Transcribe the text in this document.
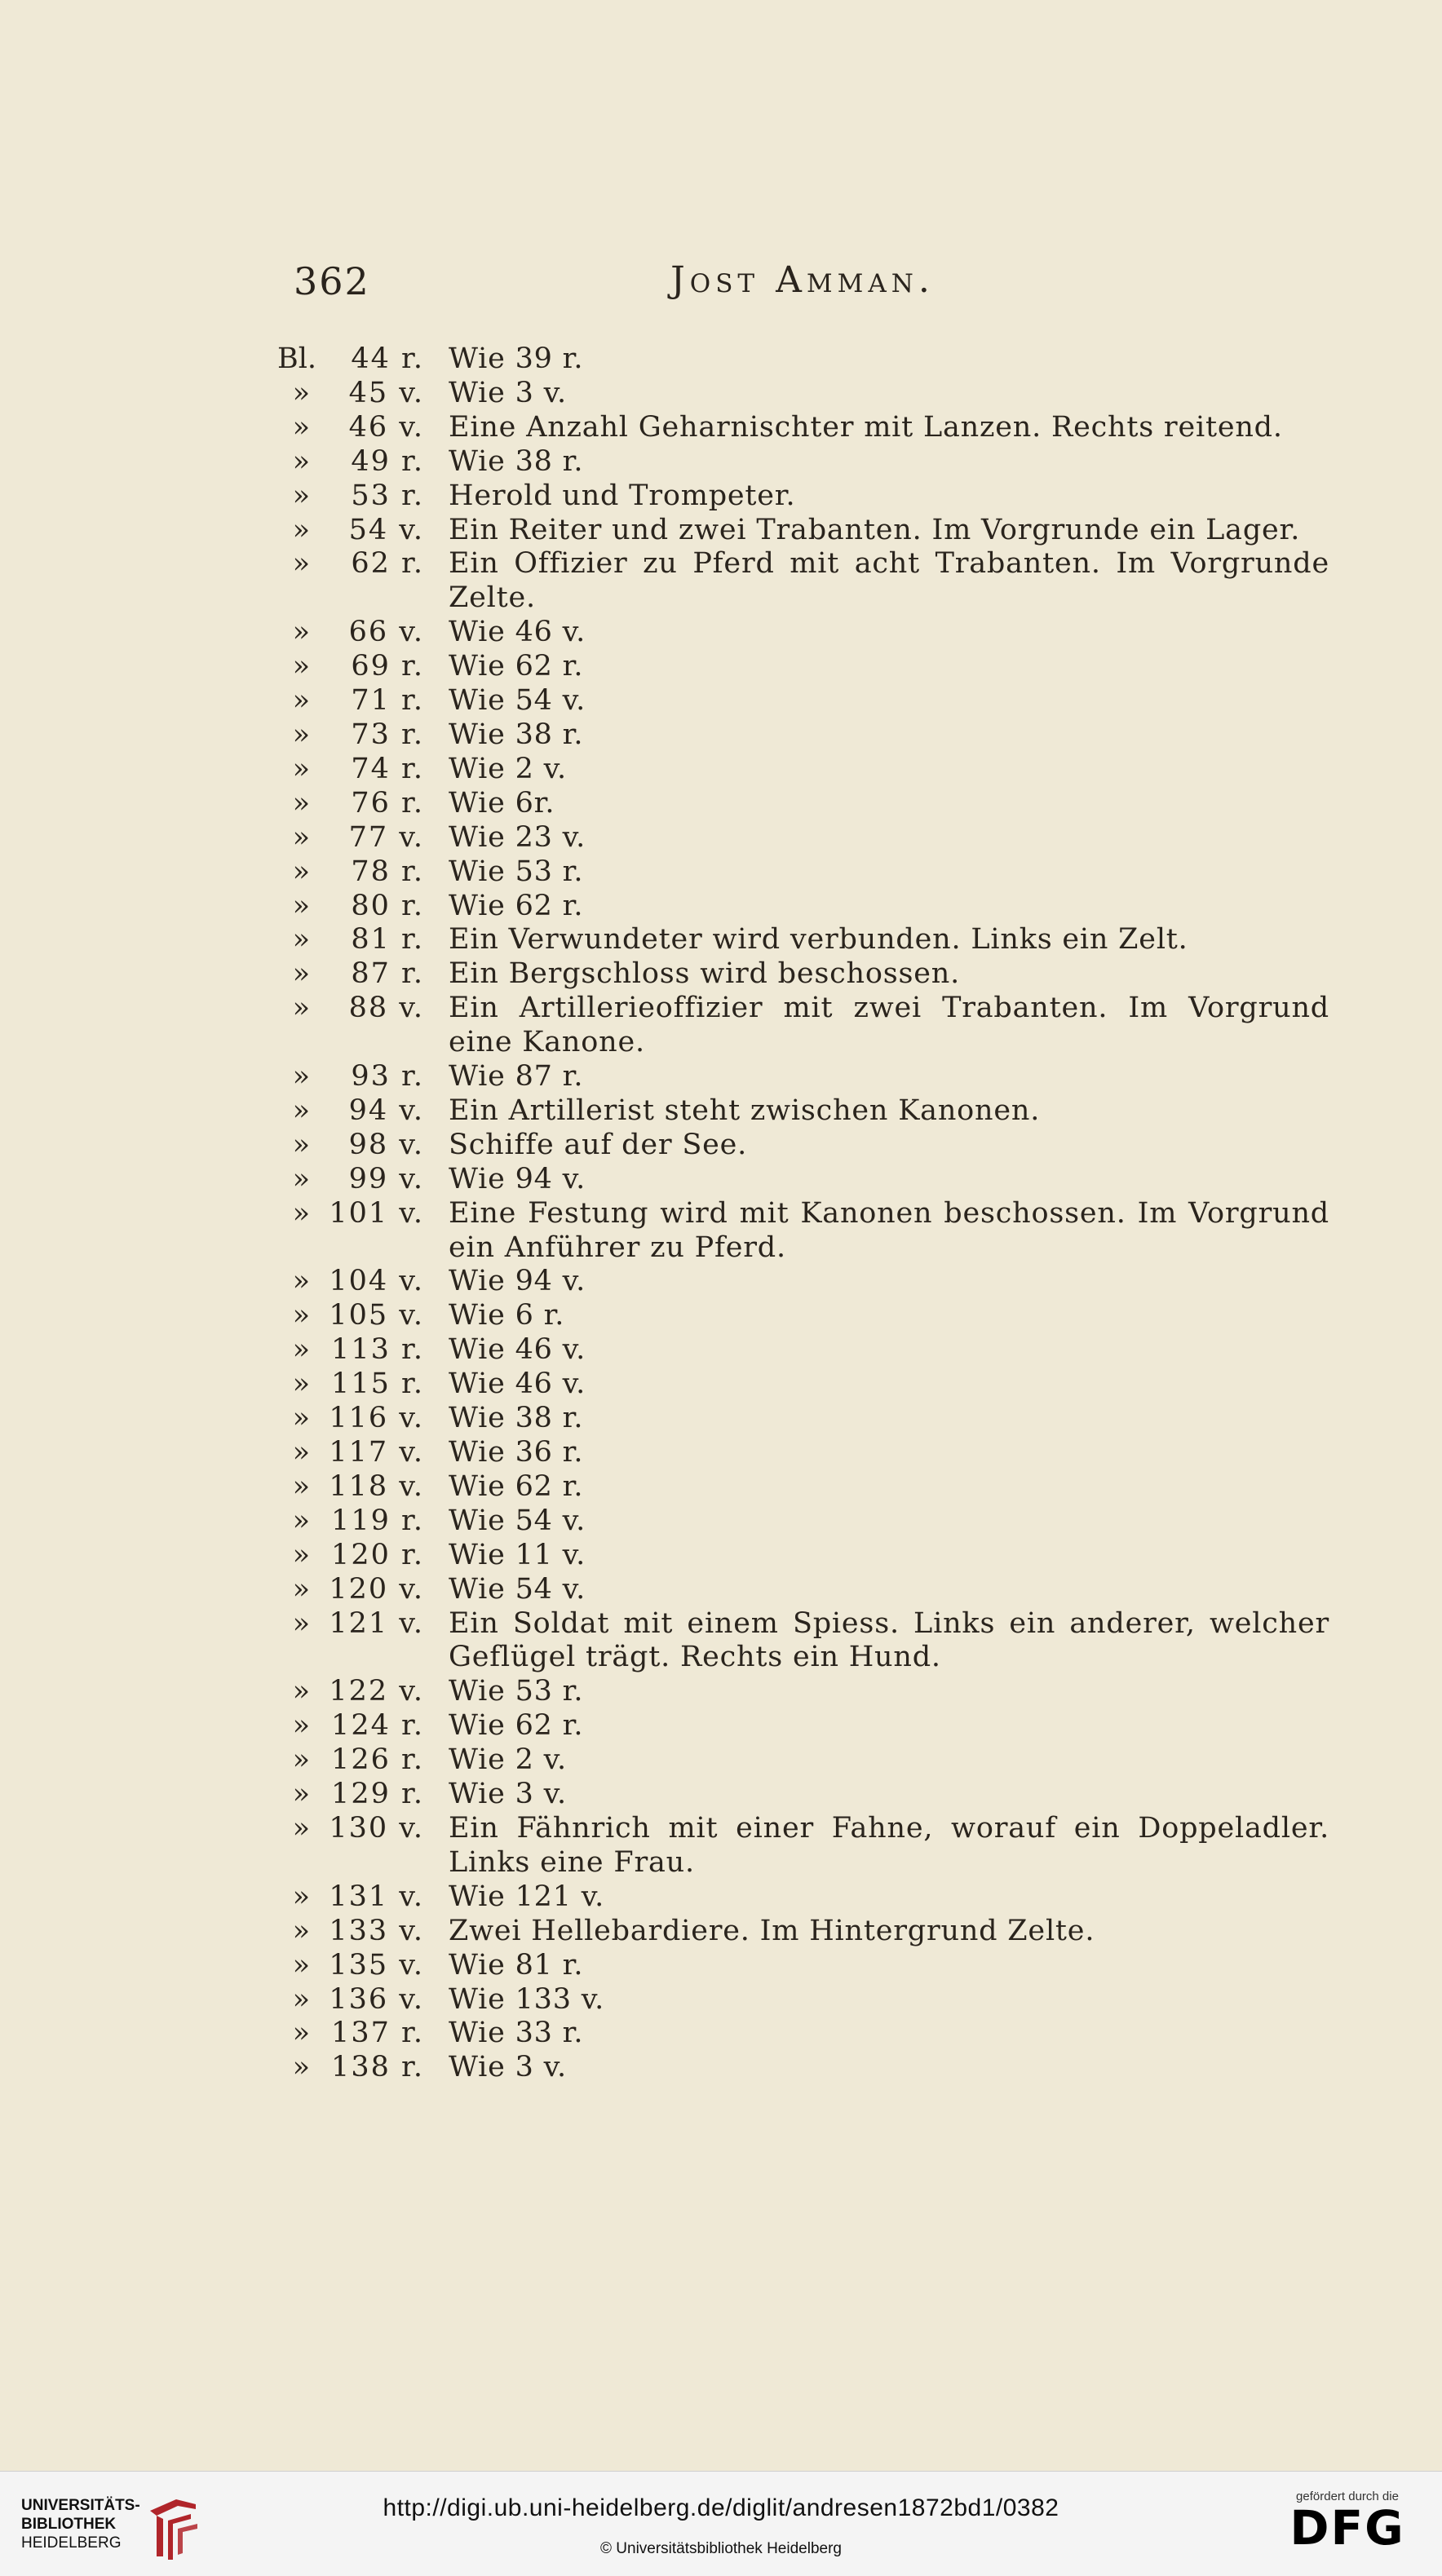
362	Jost Amman.
Bl.	44 r. Wie 39 r.
»	45 v. Wie 3 v.
»	46 v. Eine Anzahl Geharnischter mit Lanzen. Rechts reitend.
»	49 r. Wie 38 r.
»	53 r. Herold und Trompeter.
»	54 v. Ein Reiter und zwei Trabanten. Im Vorgrunde ein Lager.
»	62 r. Ein Offizier zu Pferd mit acht Trabanten. Im Vorgrunde Zelte.
»	66 v. Wie 46 v.
»	69 r. Wie 62 r.
»	71 r. Wie 54 v.
»	73 r. Wie 38 r.
»	74 r. Wie 2 v.
»	76 r. Wie 6r.
»	77 v. Wie 23 v.
»	78 r. Wie 53 r.
»	80 r. Wie 62 r.
»	81 r. Ein Verwundeter wird verbunden. Links ein Zelt.
»	87 r. Ein Bergschloss wird beschossen.
»	88 v. Ein Artillerieoffizier mit zwei Trabanten. Im Vorgrund eine Kanone.
»	93 r. Wie 87 r.
»	94 v. Ein Artillerist steht zwischen Kanonen.
»	98 v. Schiffe auf der See.
»	99 v. Wie 94 v.
» 101 v. Eine Festung wird mit Kanonen beschossen. Im Vorgrund ein Anführer zu Pferd.
» 104 v. Wie 94 v.
» 105 v. Wie 6 r.
» 113 r. Wie 46 v.
» 115 r. Wie 46 v.
» 116 v. Wie 38 r.
» 117 v. Wie 36 r.
» 118 v. Wie 62 r.
» 119 r. Wie 54 v.
» 120 r. Wie 11 v.
» 120 v. Wie 54 v.
» 121 v. Ein Soldat mit einem Spiess. Links ein anderer, welcher Geflügel trägt. Rechts ein Hund.
» 122 v. Wie 53 r.
» 124 r. Wie 62 r.
» 126 r. Wie 2 v.
» 129 r. Wie 3 v.
» 130 v. Ein Fähnrich mit einer Fahne, worauf ein Doppeladler. Links eine Frau.
» 131 v. Wie 121 v.
» 133 v. Zwei Hellebardiere. Im Hintergrund Zelte.
» 135 v. Wie 81 r.
» 136 v. Wie 133 v.
» 137 r. Wie 33 r.
» 138 r. Wie 3 v.
UNIVERSITÄTS-
BIBLIOTHEK
HEIDELBERG
http://digi.ub.uni-heidelberg.de/diglit/andresen1872bd1/0382
© Universitätsbibliothek Heidelberg
gefördert durch die
DFG
